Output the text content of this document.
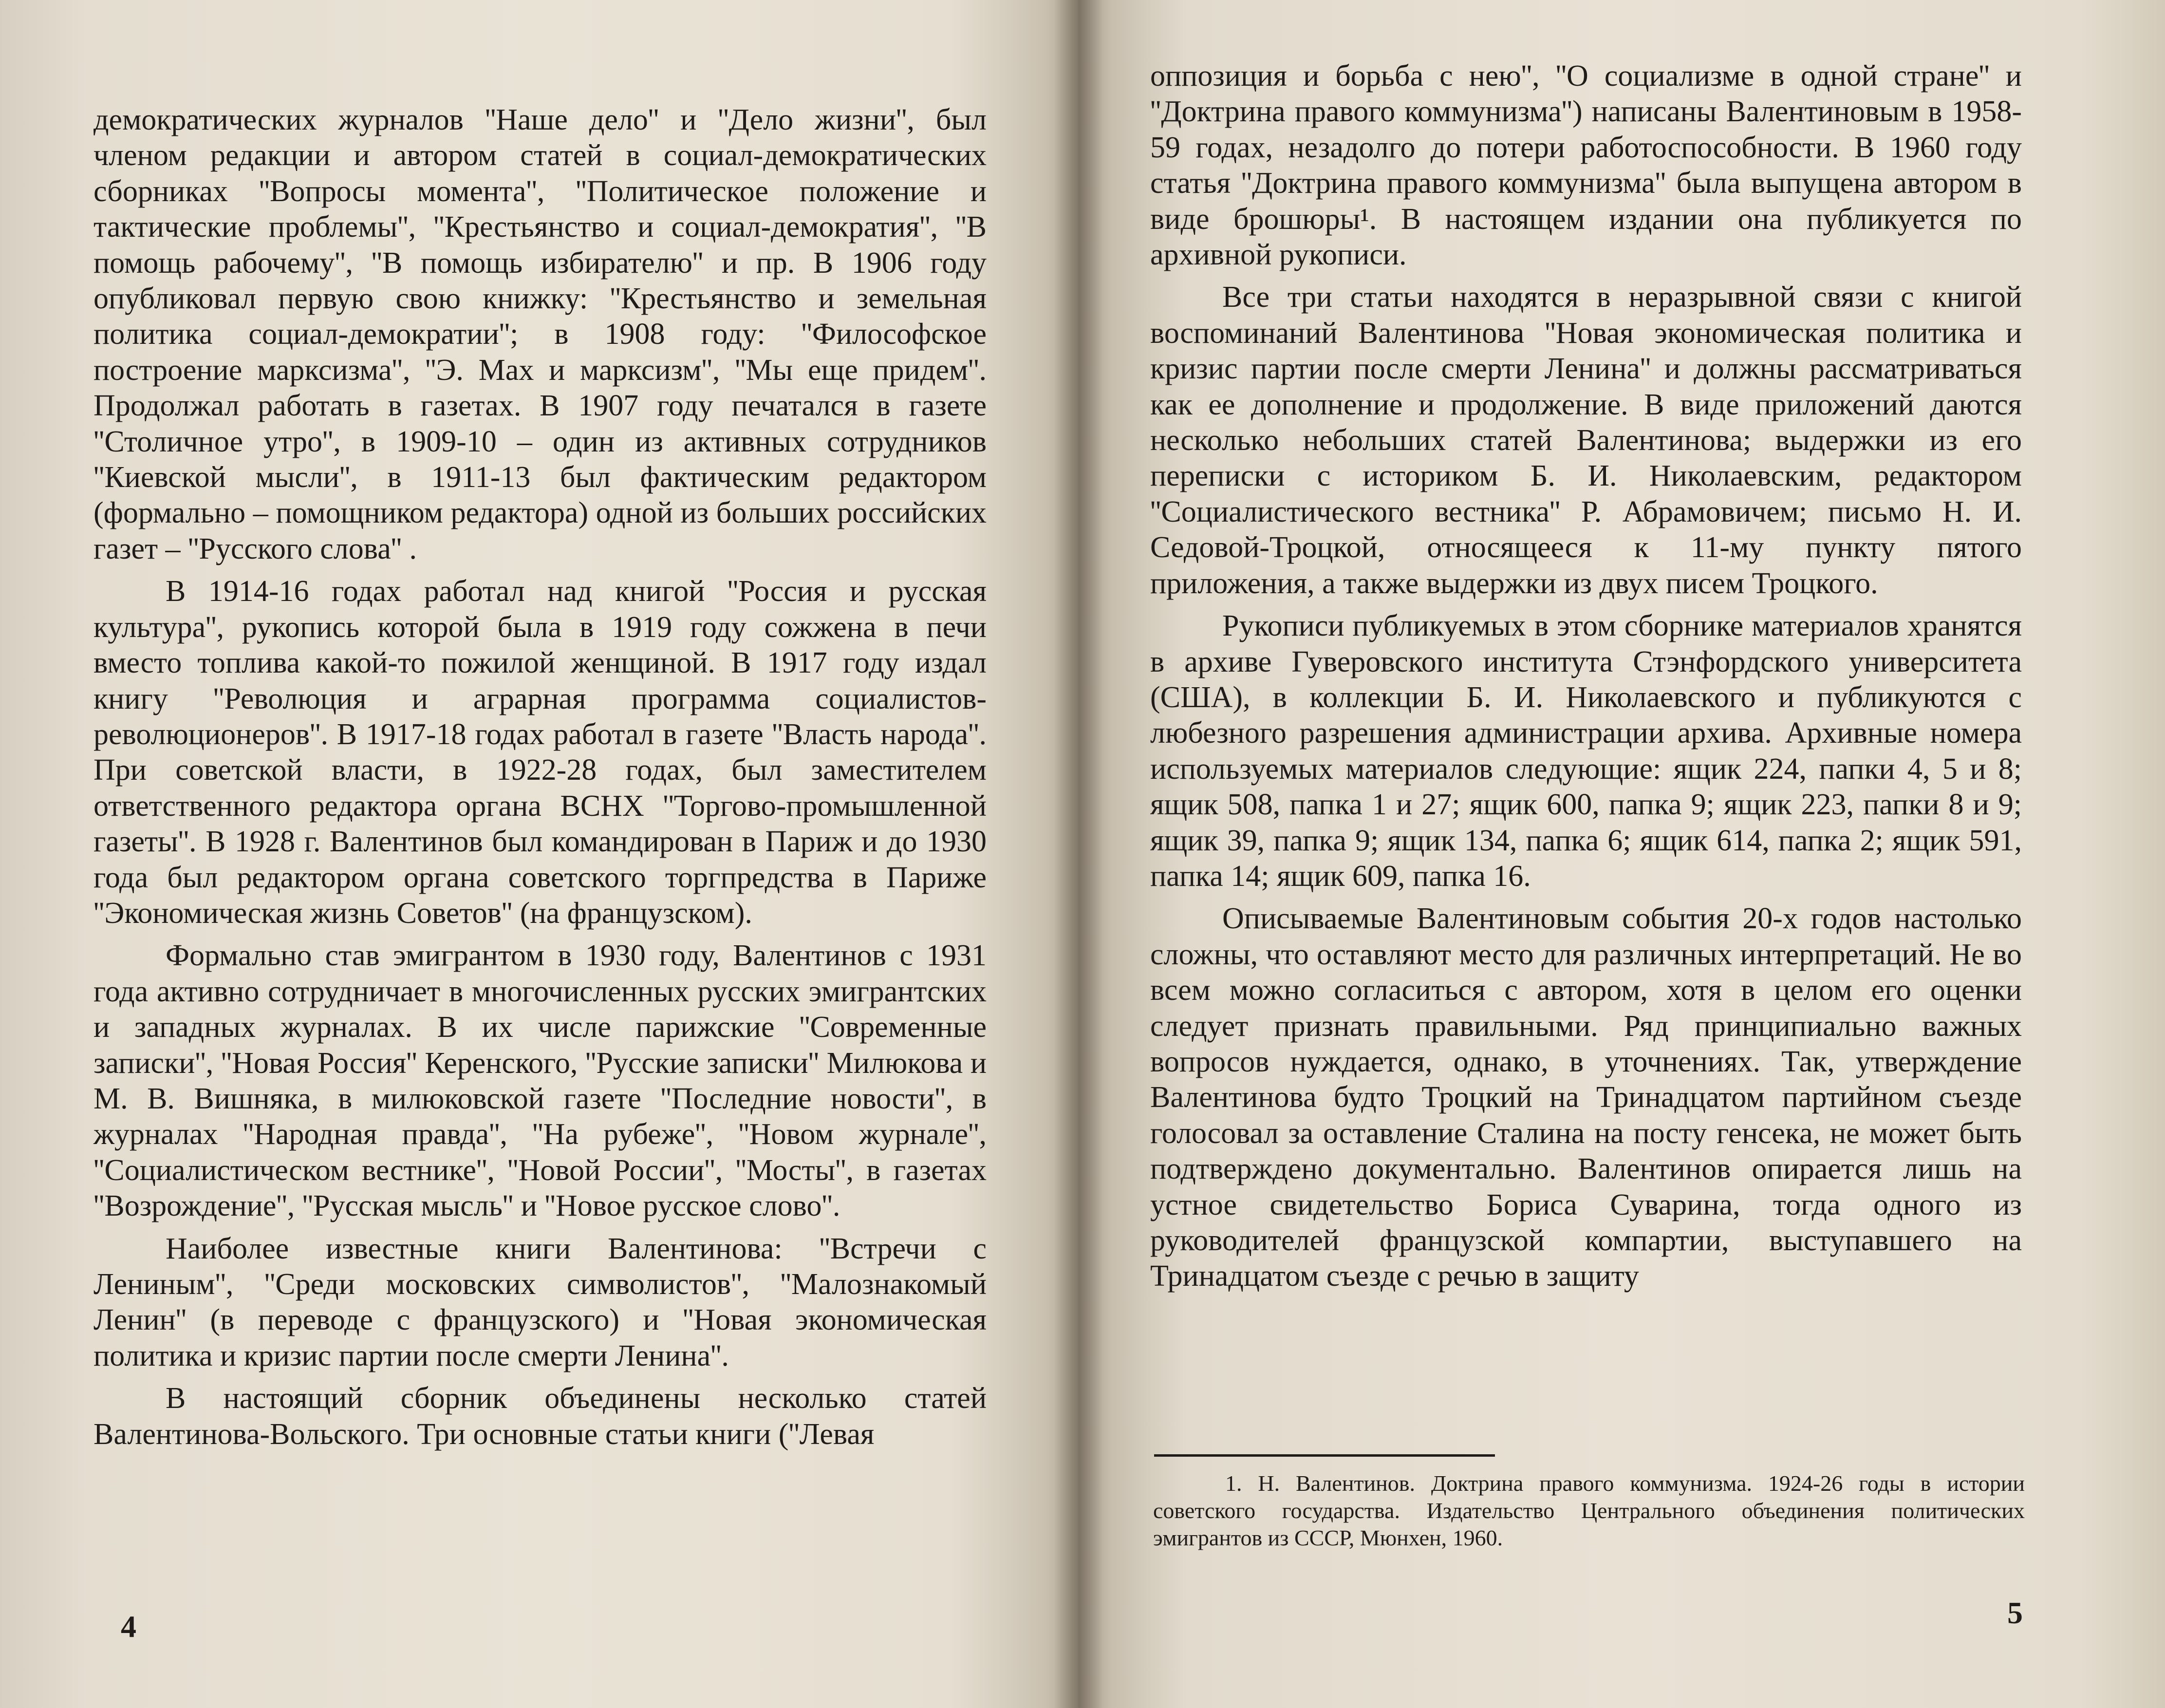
демократических журналов ''Наше дело'' и ''Дело жизни'', был членом редакции и автором статей в социал-демократических сборниках ''Вопросы момента'', ''Политическое положение и тактические проблемы'', ''Крестьянство и социал-демократия'', ''В помощь рабочему'', ''В помощь избирателю'' и пр. В 1906 году опубликовал первую свою книжку: ''Крестьянство и земельная политика социал-демократии''; в 1908 году: ''Философское построение марксизма'', ''Э. Мах и марксизм'', ''Мы еще придем''. Продолжал работать в газетах. В 1907 году печатался в газете ''Столичное утро'', в 1909-10 – один из активных сотрудников ''Киевской мысли'', в 1911-13 был фактическим редактором (формально – помощником редактора) одной из больших российских газет – ''Русского слова'' .

В 1914-16 годах работал над книгой ''Россия и русская культура'', рукопись которой была в 1919 году сожжена в печи вместо топлива какой-то пожилой женщиной. В 1917 году издал книгу ''Революция и аграрная программа социалистов-революционеров''. В 1917-18 годах работал в газете ''Власть народа''. При советской власти, в 1922-28 годах, был заместителем ответственного редактора органа ВСНХ ''Торгово-промышленной газеты''. В 1928 г. Валентинов был командирован в Париж и до 1930 года был редактором органа советского торгпредства в Париже ''Экономическая жизнь Советов'' (на французском).

Формально став эмигрантом в 1930 году, Валентинов с 1931 года активно сотрудничает в многочисленных русских эмигрантских и западных журналах. В их числе парижские ''Современные записки'', ''Новая Россия'' Керенского, ''Русские записки'' Милюкова и М. В. Вишняка, в милюковской газете ''Последние новости'', в журналах ''Народная правда'', ''На рубеже'', ''Новом журнале'', ''Социалистическом вестнике'', ''Новой России'', ''Мосты'', в газетах ''Возрождение'', ''Русская мысль'' и ''Новое русское слово''.

Наиболее известные книги Валентинова: ''Встречи с Лениным'', ''Среди московских символистов'', ''Малознакомый Ленин'' (в переводе с французского) и ''Новая экономическая политика и кризис партии после смерти Ленина''.

В настоящий сборник объединены несколько статей Валентинова-Вольского. Три основные статьи книги (''Левая

4

оппозиция и борьба с нею'', ''О социализме в одной стране'' и ''Доктрина правого коммунизма'') написаны Валентиновым в 1958-59 годах, незадолго до потери работоспособности. В 1960 году статья ''Доктрина правого коммунизма'' была выпущена автором в виде брошюры¹. В настоящем издании она публикуется по архивной рукописи.

Все три статьи находятся в неразрывной связи с книгой воспоминаний Валентинова ''Новая экономическая политика и кризис партии после смерти Ленина'' и должны рассматриваться как ее дополнение и продолжение. В виде приложений даются несколько небольших статей Валентинова; выдержки из его переписки с историком Б. И. Николаевским, редактором ''Социалистического вестника'' Р. Абрамовичем; письмо Н. И. Седовой-Троцкой, относящееся к 11-му пункту пятого приложения, а также выдержки из двух писем Троцкого.

Рукописи публикуемых в этом сборнике материалов хранятся в архиве Гуверовского института Стэнфордского университета (США), в коллекции Б. И. Николаевского и публикуются с любезного разрешения администрации архива. Архивные номера используемых материалов следующие: ящик 224, папки 4, 5 и 8; ящик 508, папка 1 и 27; ящик 600, папка 9; ящик 223, папки 8 и 9; ящик 39, папка 9; ящик 134, папка 6; ящик 614, папка 2; ящик 591, папка 14; ящик 609, папка 16.

Описываемые Валентиновым события 20-х годов настолько сложны, что оставляют место для различных интерпретаций. Не во всем можно согласиться с автором, хотя в целом его оценки следует признать правильными. Ряд принципиально важных вопросов нуждается, однако, в уточнениях. Так, утверждение Валентинова будто Троцкий на Тринадцатом партийном съезде голосовал за оставление Сталина на посту генсека, не может быть подтверждено документально. Валентинов опирается лишь на устное свидетельство Бориса Суварина, тогда одного из руководителей французской компартии, выступавшего на Тринадцатом съезде с речью в защиту

1. Н. Валентинов. Доктрина правого коммунизма. 1924-26 годы в истории советского государства. Издательство Центрального объединения политических эмигрантов из СССР, Мюнхен, 1960.

5
